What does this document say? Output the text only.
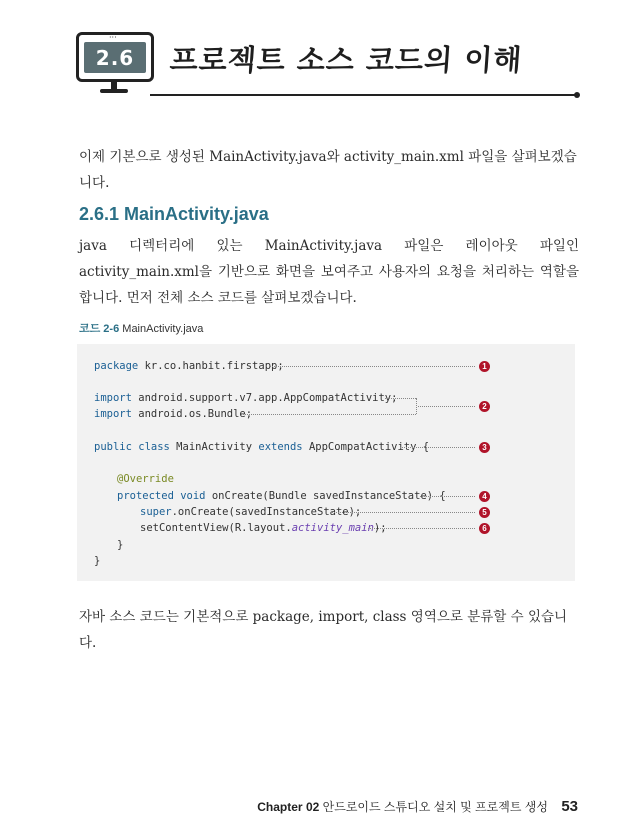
···
2.6 프로젝트 소스 코드의 이해
이제 기본으로 생성된 MainActivity.java와 activity_main.xml 파일을 살펴보겠습니다.
2.6.1 MainActivity.java
java 디렉터리에 있는 MainActivity.java 파일은 레이아웃 파일인 activity_main.xml을 기반으로 화면을 보여주고 사용자의 요청을 처리하는 역할을 합니다. 먼저 전체 소스 코드를 살펴보겠습니다.
코드 2-6 MainActivity.java
package kr.co.hanbit.firstapp;
import android.support.v7.app.AppCompatActivity;
import android.os.Bundle;
public class MainActivity extends AppCompatActivity {
@Override
protected void onCreate(Bundle savedInstanceState) {
super.onCreate(savedInstanceState);
setContentView(R.layout.activity_main);
}
}
1
2
3
4
5
6
자바 소스 코드는 기본적으로 package, import, class 영역으로 분류할 수 있습니다.
Chapter 02 안드로이드 스튜디오 설치 및 프로젝트 생성 53
